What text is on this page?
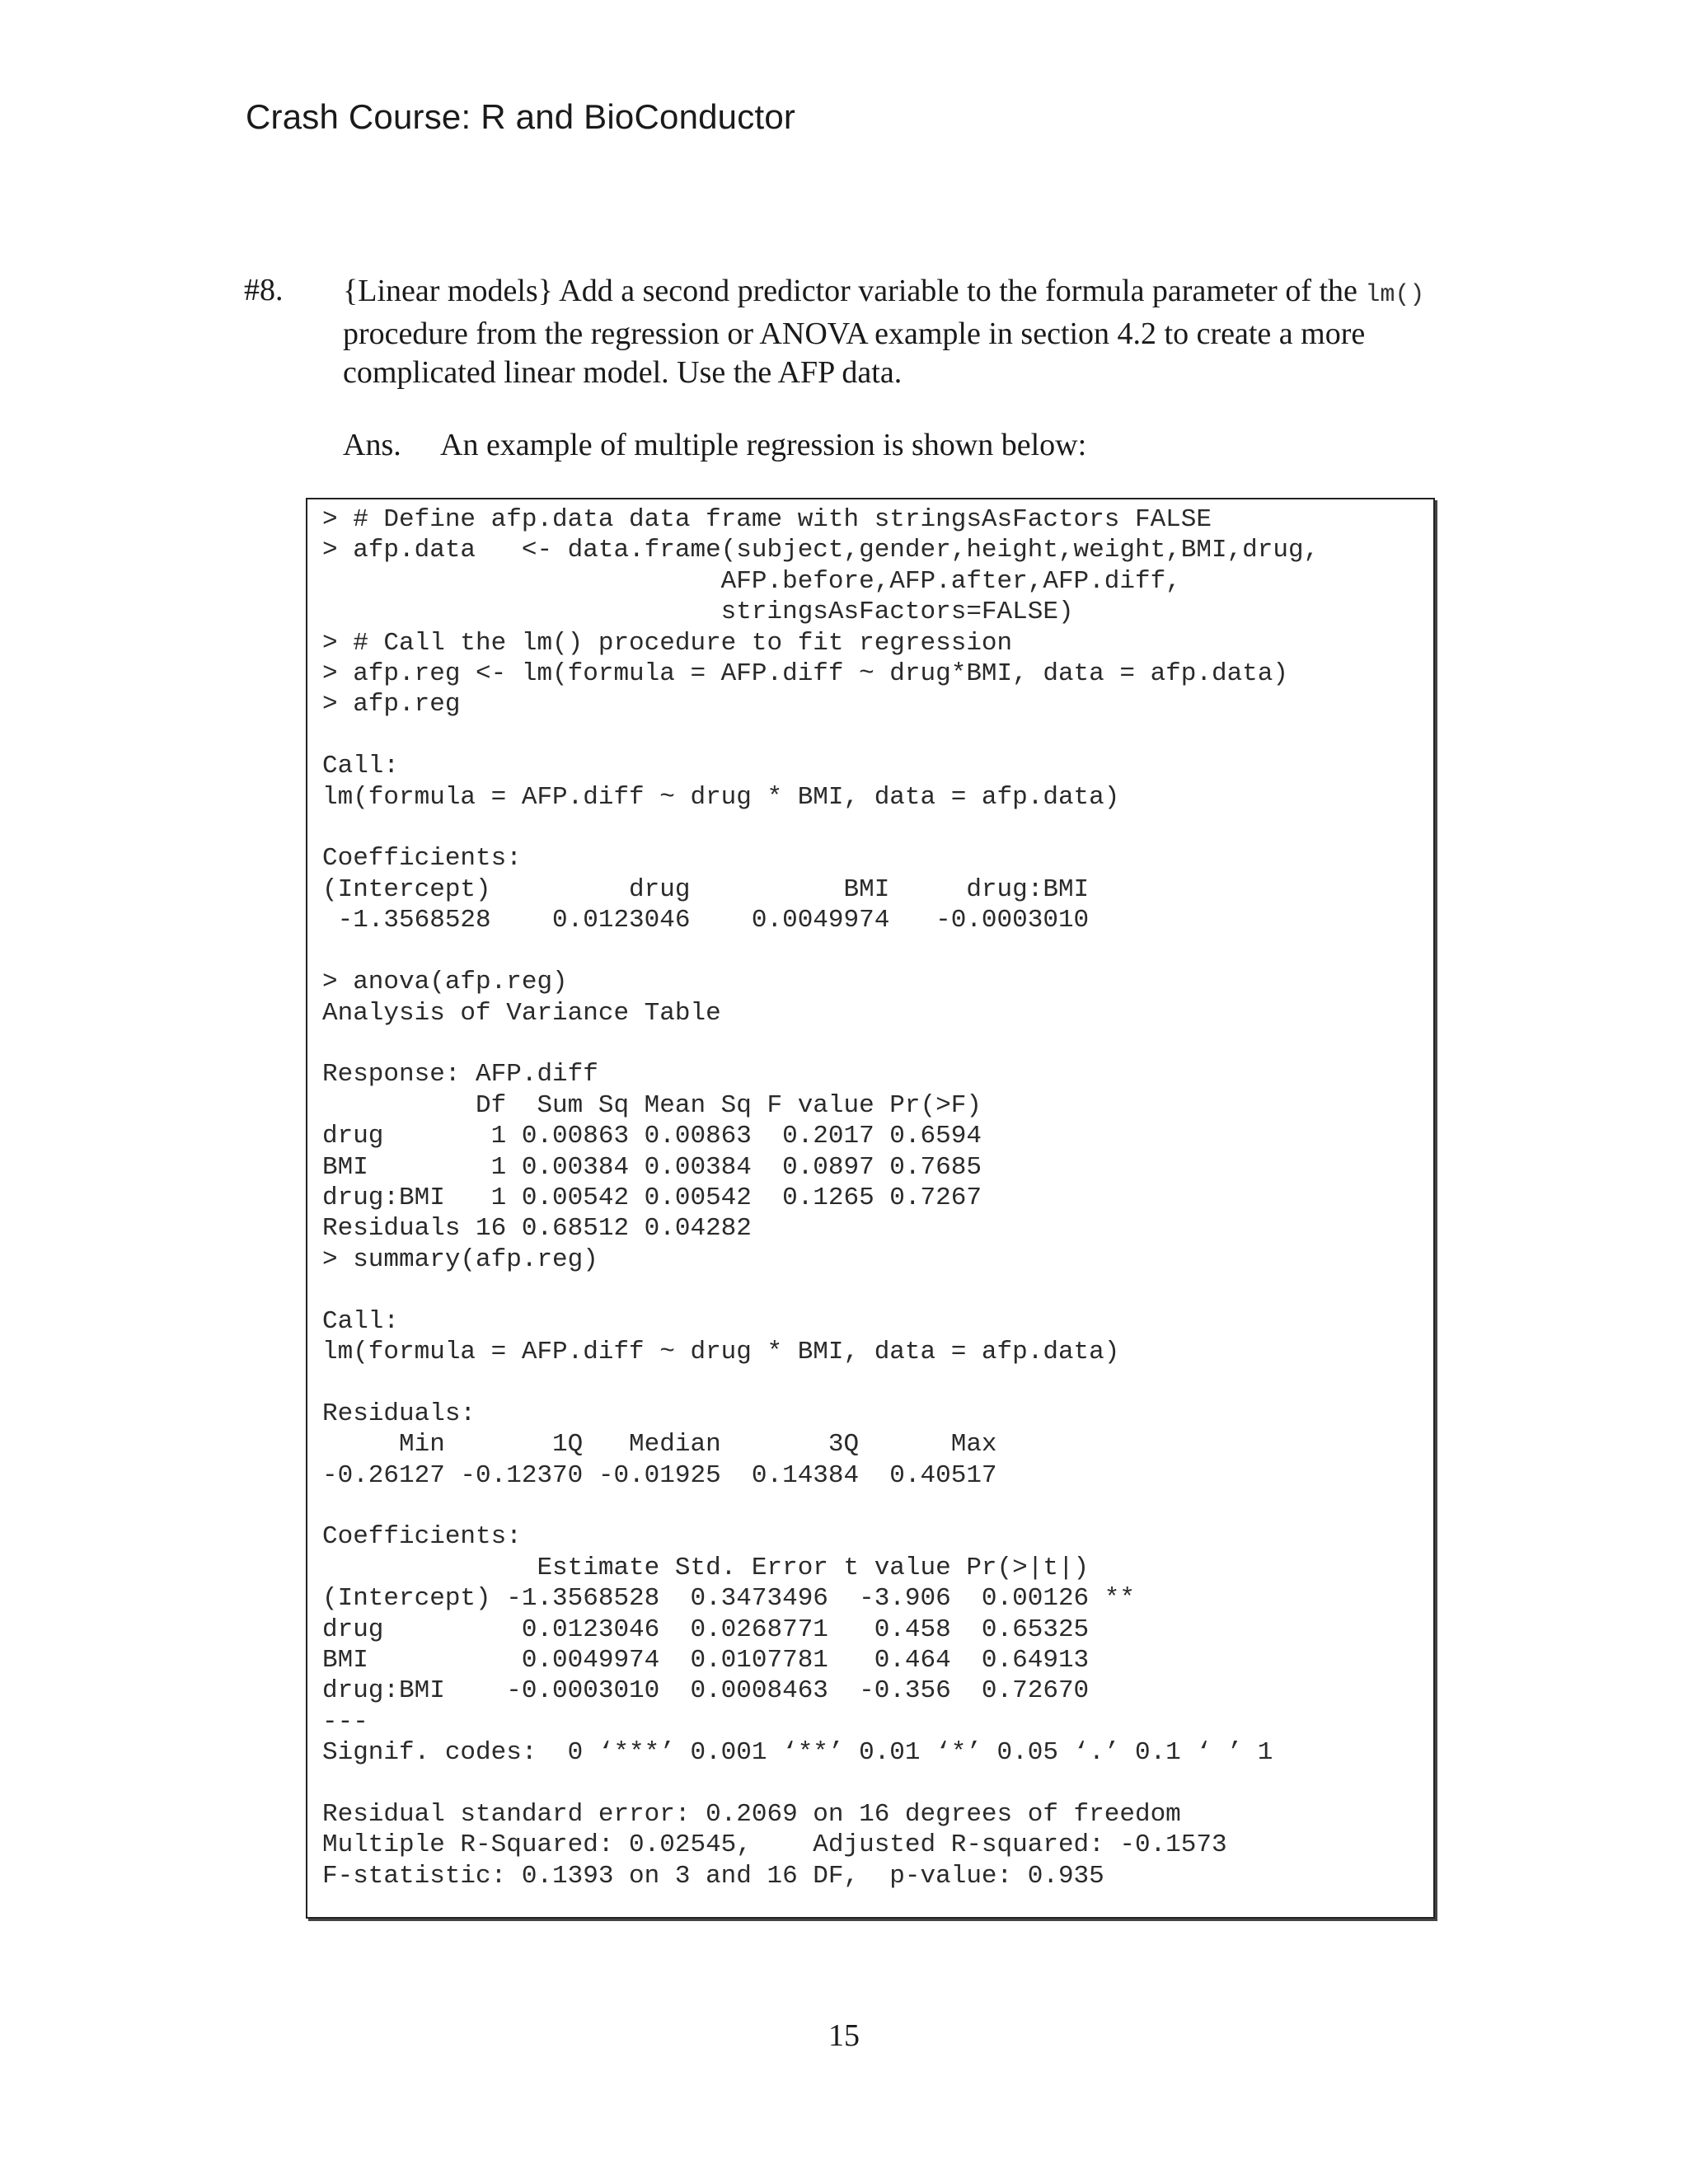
Crash Course: R and BioConductor
#8. {Linear models} Add a second predictor variable to the formula parameter of the lm() procedure from the regression or ANOVA example in section 4.2 to create a more complicated linear model. Use the AFP data.
Ans. An example of multiple regression is shown below:
> # Define afp.data data frame with stringsAsFactors FALSE
> afp.data   <- data.frame(subject,gender,height,weight,BMI,drug,
AFP.before,AFP.after,AFP.diff,
stringsAsFactors=FALSE)
> # Call the lm() procedure to fit regression
> afp.reg <- lm(formula = AFP.diff ~ drug*BMI, data = afp.data)
> afp.reg

Call:
lm(formula = AFP.diff ~ drug * BMI, data = afp.data)

Coefficients:
(Intercept)         drug          BMI     drug:BMI
-1.3568528    0.0123046    0.0049974   -0.0003010

> anova(afp.reg)
Analysis of Variance Table

Response: AFP.diff
Df  Sum Sq Mean Sq F value Pr(>F)
drug       1 0.00863 0.00863  0.2017 0.6594
BMI        1 0.00384 0.00384  0.0897 0.7685
drug:BMI   1 0.00542 0.00542  0.1265 0.7267
Residuals 16 0.68512 0.04282
> summary(afp.reg)

Call:
lm(formula = AFP.diff ~ drug * BMI, data = afp.data)

Residuals:
Min       1Q   Median       3Q      Max
-0.26127 -0.12370 -0.01925  0.14384  0.40517

Coefficients:
Estimate Std. Error t value Pr(>|t|)
(Intercept) -1.3568528  0.3473496  -3.906  0.00126 **
drug         0.0123046  0.0268771   0.458  0.65325
BMI          0.0049974  0.0107781   0.464  0.64913
drug:BMI    -0.0003010  0.0008463  -0.356  0.72670
---
Signif. codes:  0 ‘***’ 0.001 ‘**’ 0.01 ‘*’ 0.05 ‘.’ 0.1 ‘ ’ 1

Residual standard error: 0.2069 on 16 degrees of freedom
Multiple R-Squared: 0.02545,    Adjusted R-squared: -0.1573
F-statistic: 0.1393 on 3 and 16 DF,  p-value: 0.935
15
